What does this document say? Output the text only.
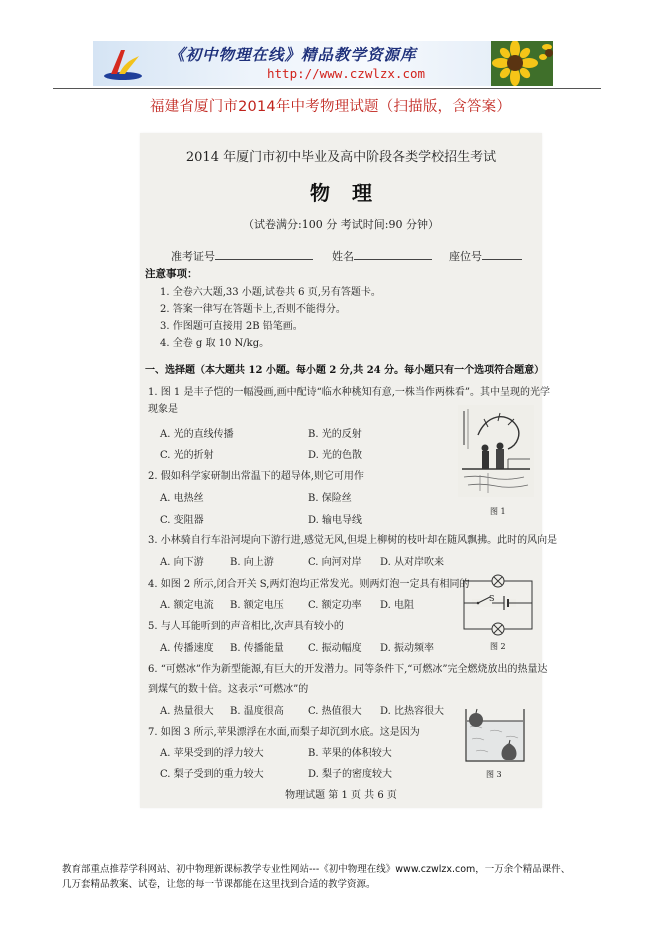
《初中物理在线》精品教学资源库
http://www.czwlzx.com
福建省厦门市2014年中考物理试题（扫描版，含答案）
2014 年厦门市初中毕业及高中阶段各类学校招生考试
物理
（试卷满分:100 分 考试时间:90 分钟）
准考证号	姓名	座位号
注意事项：
1. 全卷六大题,33 小题,试卷共 6 页,另有答题卡。
2. 答案一律写在答题卡上,否则不能得分。
3. 作图题可直接用 2B 铅笔画。
4. 全卷 g 取 10 N/kg。
一、选择题（本大题共 12 小题。每小题 2 分,共 24 分。每小题只有一个选项符合题意）
1. 图 1 是丰子恺的一幅漫画,画中配诗“临水种桃知有意,一株当作两株看”。其中呈现的光学
现象是
A. 光的直线传播	B. 光的反射
C. 光的折射	D. 光的色散
2. 假如科学家研制出常温下的超导体,则它可用作
A. 电热丝	B. 保险丝
C. 变阻器	D. 输电导线
图 1
3. 小林骑自行车沿河堤向下游行进,感觉无风,但堤上柳树的枝叶却在随风飘拂。此时的风向是
A. 向下游	B. 向上游	C. 向河对岸 D. 从对岸吹来
4. 如图 2 所示,闭合开关 S,两灯泡均正常发光。则两灯泡一定具有相同的
A. 额定电流 B. 额定电压 C. 额定功率 D. 电阻
S
图 2
5. 与人耳能听到的声音相比,次声具有较小的
A. 传播速度 B. 传播能量 C. 振动幅度 D. 振动频率
6. “可燃冰”作为新型能源,有巨大的开发潜力。同等条件下,“可燃冰”完全燃烧放出的热量达
到煤气的数十倍。这表示“可燃冰”的
A. 热量很大 B. 温度很高 C. 热值很大 D. 比热容很大
7. 如图 3 所示,苹果漂浮在水面,而梨子却沉到水底。这是因为
A. 苹果受到的浮力较大	B. 苹果的体积较大
C. 梨子受到的重力较大	D. 梨子的密度较大	图 3
物理试题 第 1 页 共 6 页
教育部重点推荐学科网站、初中物理新课标教学专业性网站---《初中物理在线》www.czwlzx.com，一万余个精品课件、
几万套精品教案、试卷，让您的每一节课都能在这里找到合适的教学资源。
